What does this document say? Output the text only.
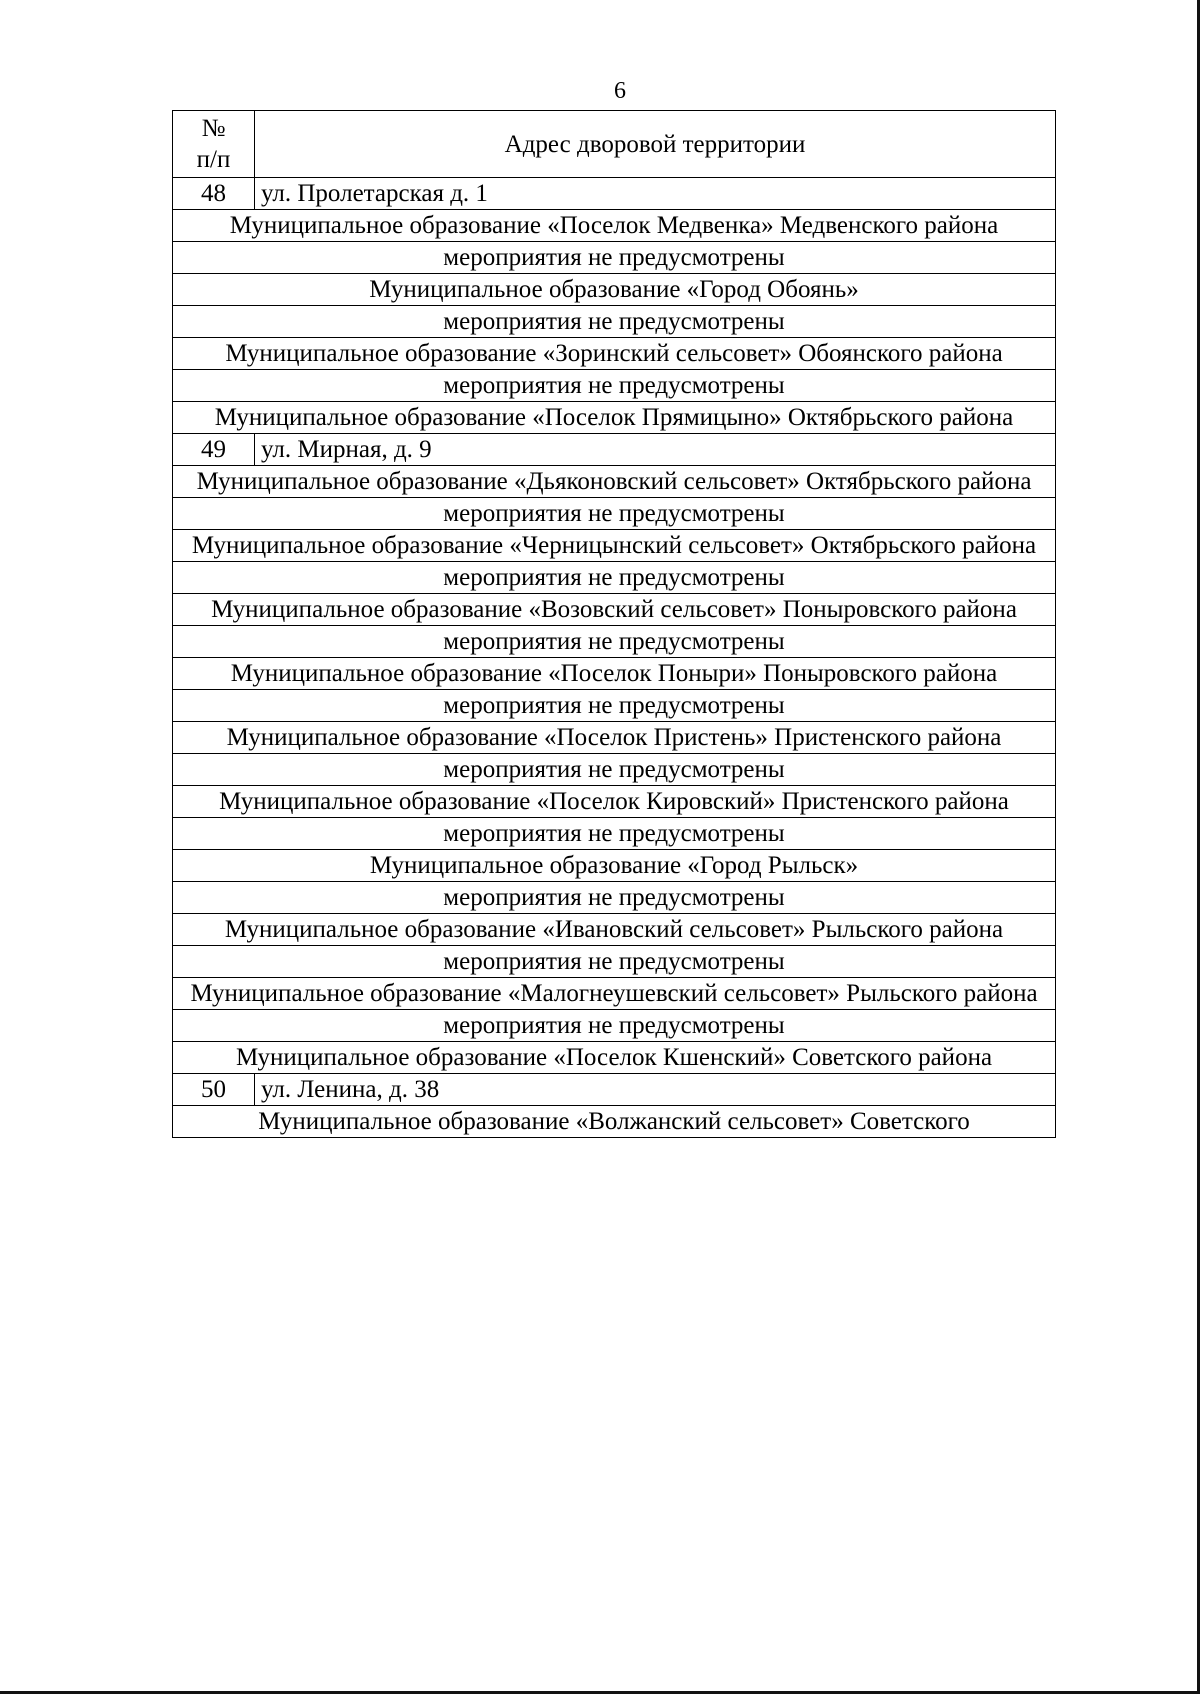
6
№
п/п	Адрес дворовой территории
48	ул. Пролетарская д. 1
Муниципальное образование «Поселок Медвенка» Медвенского района	
мероприятия не предусмотрены	
Муниципальное образование «Город Обоянь»	
мероприятия не предусмотрены	
Муниципальное образование «Зоринский сельсовет» Обоянского района	
мероприятия не предусмотрены	
Муниципальное образование «Поселок Прямицыно» Октябрьского района	
49	ул. Мирная, д. 9
Муниципальное образование «Дьяконовский сельсовет» Октябрьского района	
мероприятия не предусмотрены	
Муниципальное образование «Черницынский сельсовет» Октябрьского района	
мероприятия не предусмотрены	
Муниципальное образование «Возовский сельсовет» Поныровского района	
мероприятия не предусмотрены	
Муниципальное образование «Поселок Поныри» Поныровского района	
мероприятия не предусмотрены	
Муниципальное образование «Поселок Пристень» Пристенского района	
мероприятия не предусмотрены	
Муниципальное образование «Поселок Кировский» Пристенского района	
мероприятия не предусмотрены	
Муниципальное образование «Город Рыльск»	
мероприятия не предусмотрены	
Муниципальное образование «Ивановский сельсовет» Рыльского района	
мероприятия не предусмотрены	
Муниципальное образование «Малогнеушевский сельсовет» Рыльского района	
мероприятия не предусмотрены	
Муниципальное образование «Поселок Кшенский» Советского района	
50	ул. Ленина, д. 38
Муниципальное образование «Волжанский сельсовет» Советского	
